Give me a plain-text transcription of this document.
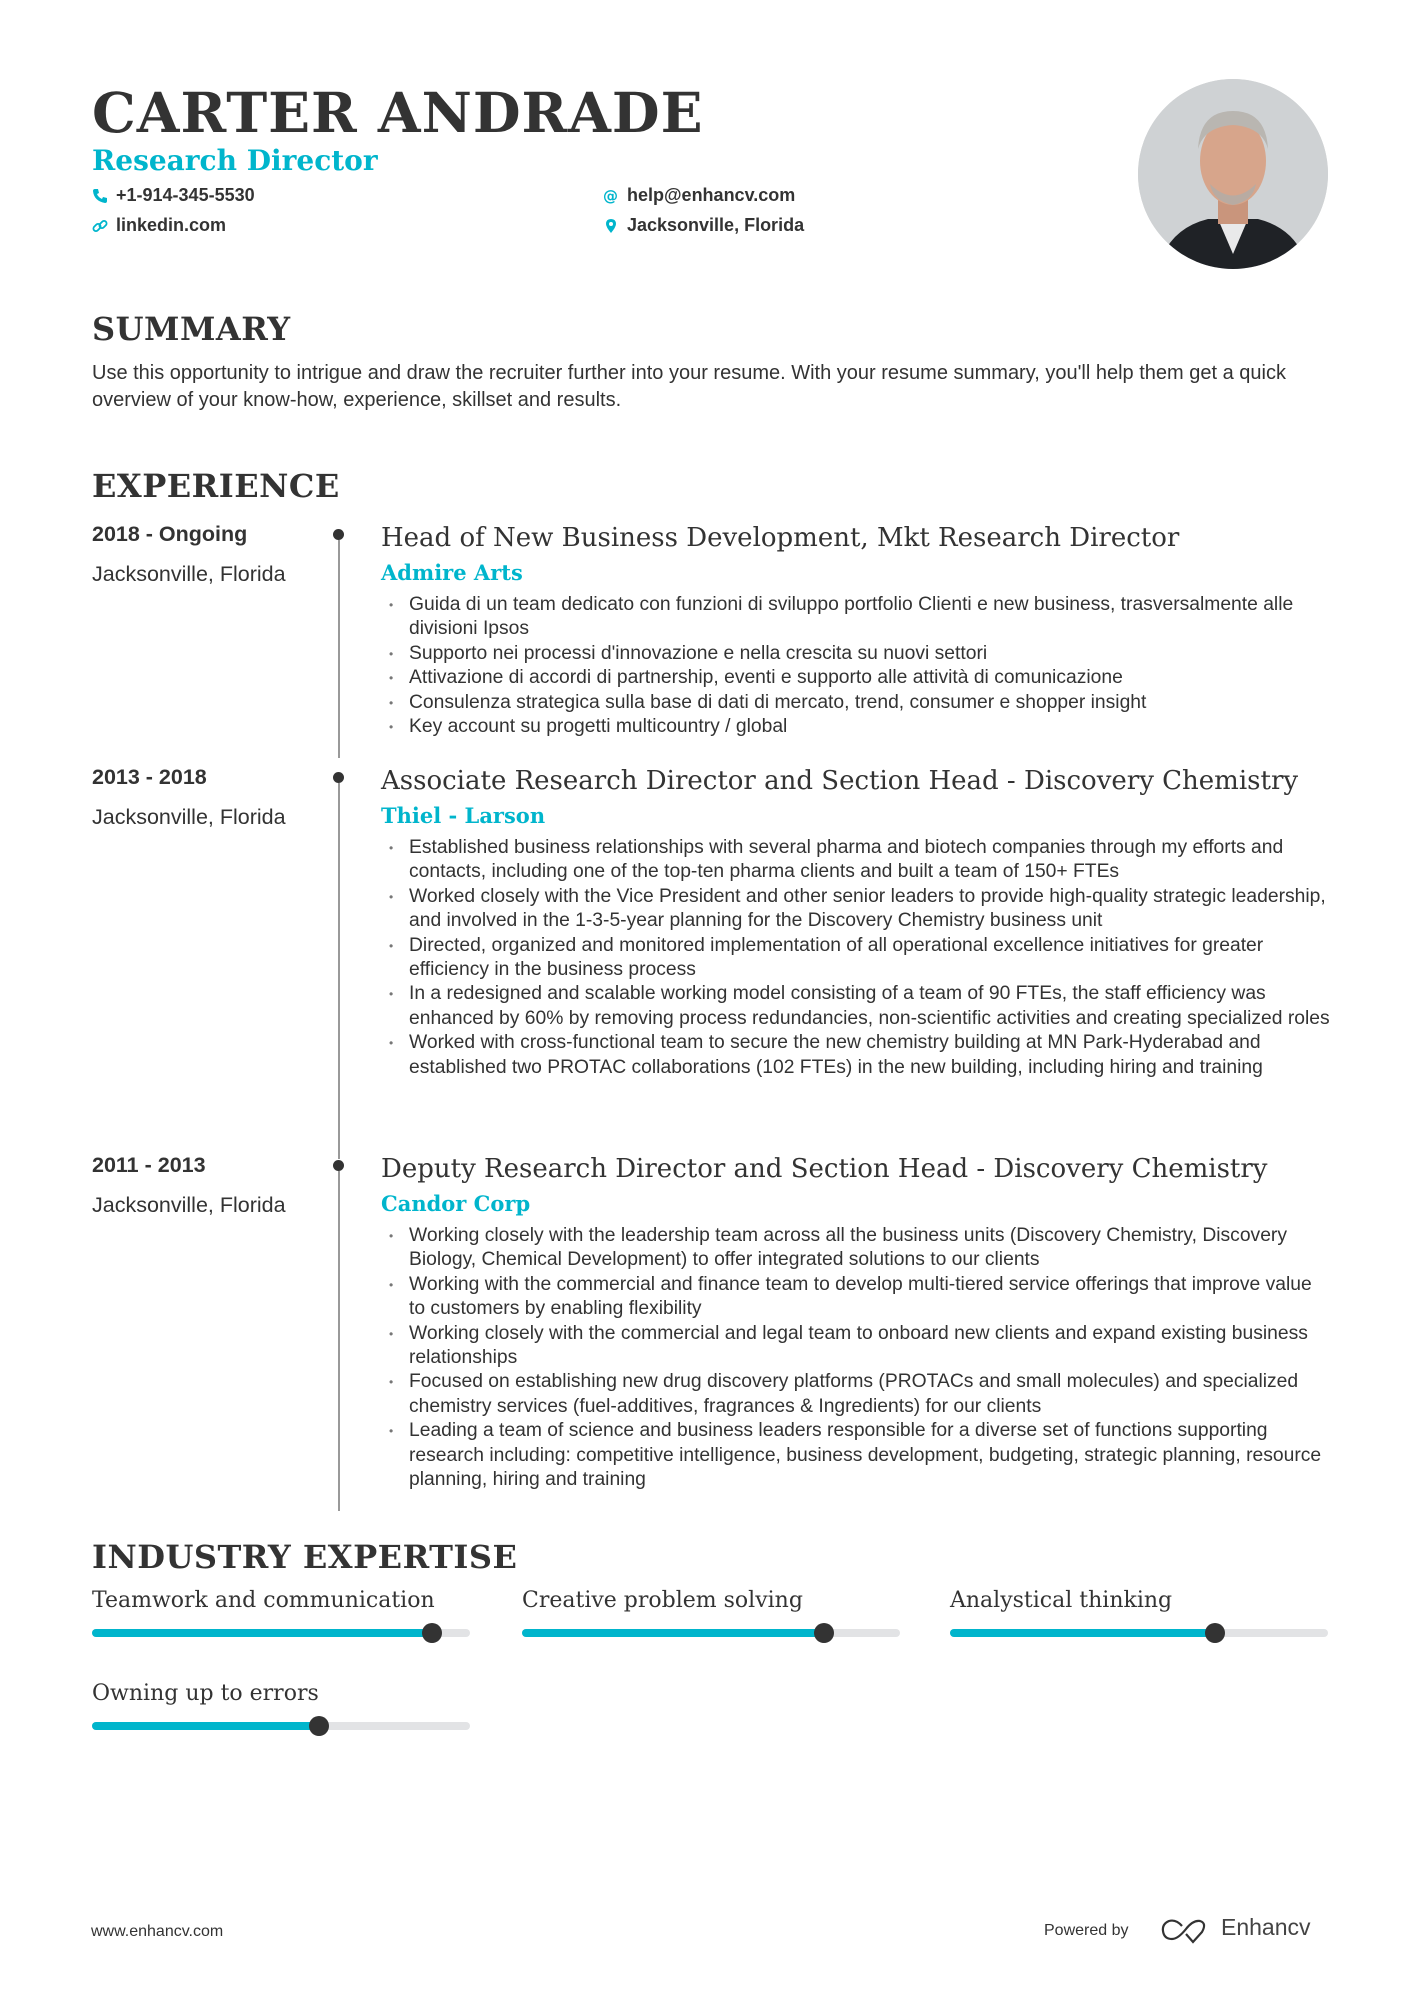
CARTER ANDRADE
Research Director
+1-914-345-5530
linkedin.com
@ help@enhancv.com
Jacksonville, Florida
SUMMARY
Use this opportunity to intrigue and draw the recruiter further into your resume. With your resume summary, you'll help them get a quick overview of your know-how, experience, skillset and results.
EXPERIENCE
2018 - Ongoing
Jacksonville, Florida
Head of New Business Development, Mkt Research Director
Admire Arts
• Guida di un team dedicato con funzioni di sviluppo portfolio Clienti e new business, trasversalmente alle divisioni Ipsos
• Supporto nei processi d'innovazione e nella crescita su nuovi settori
• Attivazione di accordi di partnership, eventi e supporto alle attività di comunicazione
• Consulenza strategica sulla base di dati di mercato, trend, consumer e shopper insight
• Key account su progetti multicountry / global
2013 - 2018
Jacksonville, Florida
Associate Research Director and Section Head - Discovery Chemistry
Thiel - Larson
• Established business relationships with several pharma and biotech companies through my efforts and contacts, including one of the top-ten pharma clients and built a team of 150+ FTEs
• Worked closely with the Vice President and other senior leaders to provide high-quality strategic leadership, and involved in the 1-3-5-year planning for the Discovery Chemistry business unit
• Directed, organized and monitored implementation of all operational excellence initiatives for greater efficiency in the business process
• In a redesigned and scalable working model consisting of a team of 90 FTEs, the staff efficiency was enhanced by 60% by removing process redundancies, non-scientific activities and creating specialized roles
• Worked with cross-functional team to secure the new chemistry building at MN Park-Hyderabad and established two PROTAC collaborations (102 FTEs) in the new building, including hiring and training
2011 - 2013
Jacksonville, Florida
Deputy Research Director and Section Head - Discovery Chemistry
Candor Corp
• Working closely with the leadership team across all the business units (Discovery Chemistry, Discovery Biology, Chemical Development) to offer integrated solutions to our clients
• Working with the commercial and finance team to develop multi-tiered service offerings that improve value to customers by enabling flexibility
• Working closely with the commercial and legal team to onboard new clients and expand existing business relationships
• Focused on establishing new drug discovery platforms (PROTACs and small molecules) and specialized chemistry services (fuel-additives, fragrances & Ingredients) for our clients
• Leading a team of science and business leaders responsible for a diverse set of functions supporting research including: competitive intelligence, business development, budgeting, strategic planning, resource planning, hiring and training
INDUSTRY EXPERTISE
Teamwork and communication	Creative problem solving	Analystical thinking
Owning up to errors
www.enhancv.com	Powered by	Enhancv
